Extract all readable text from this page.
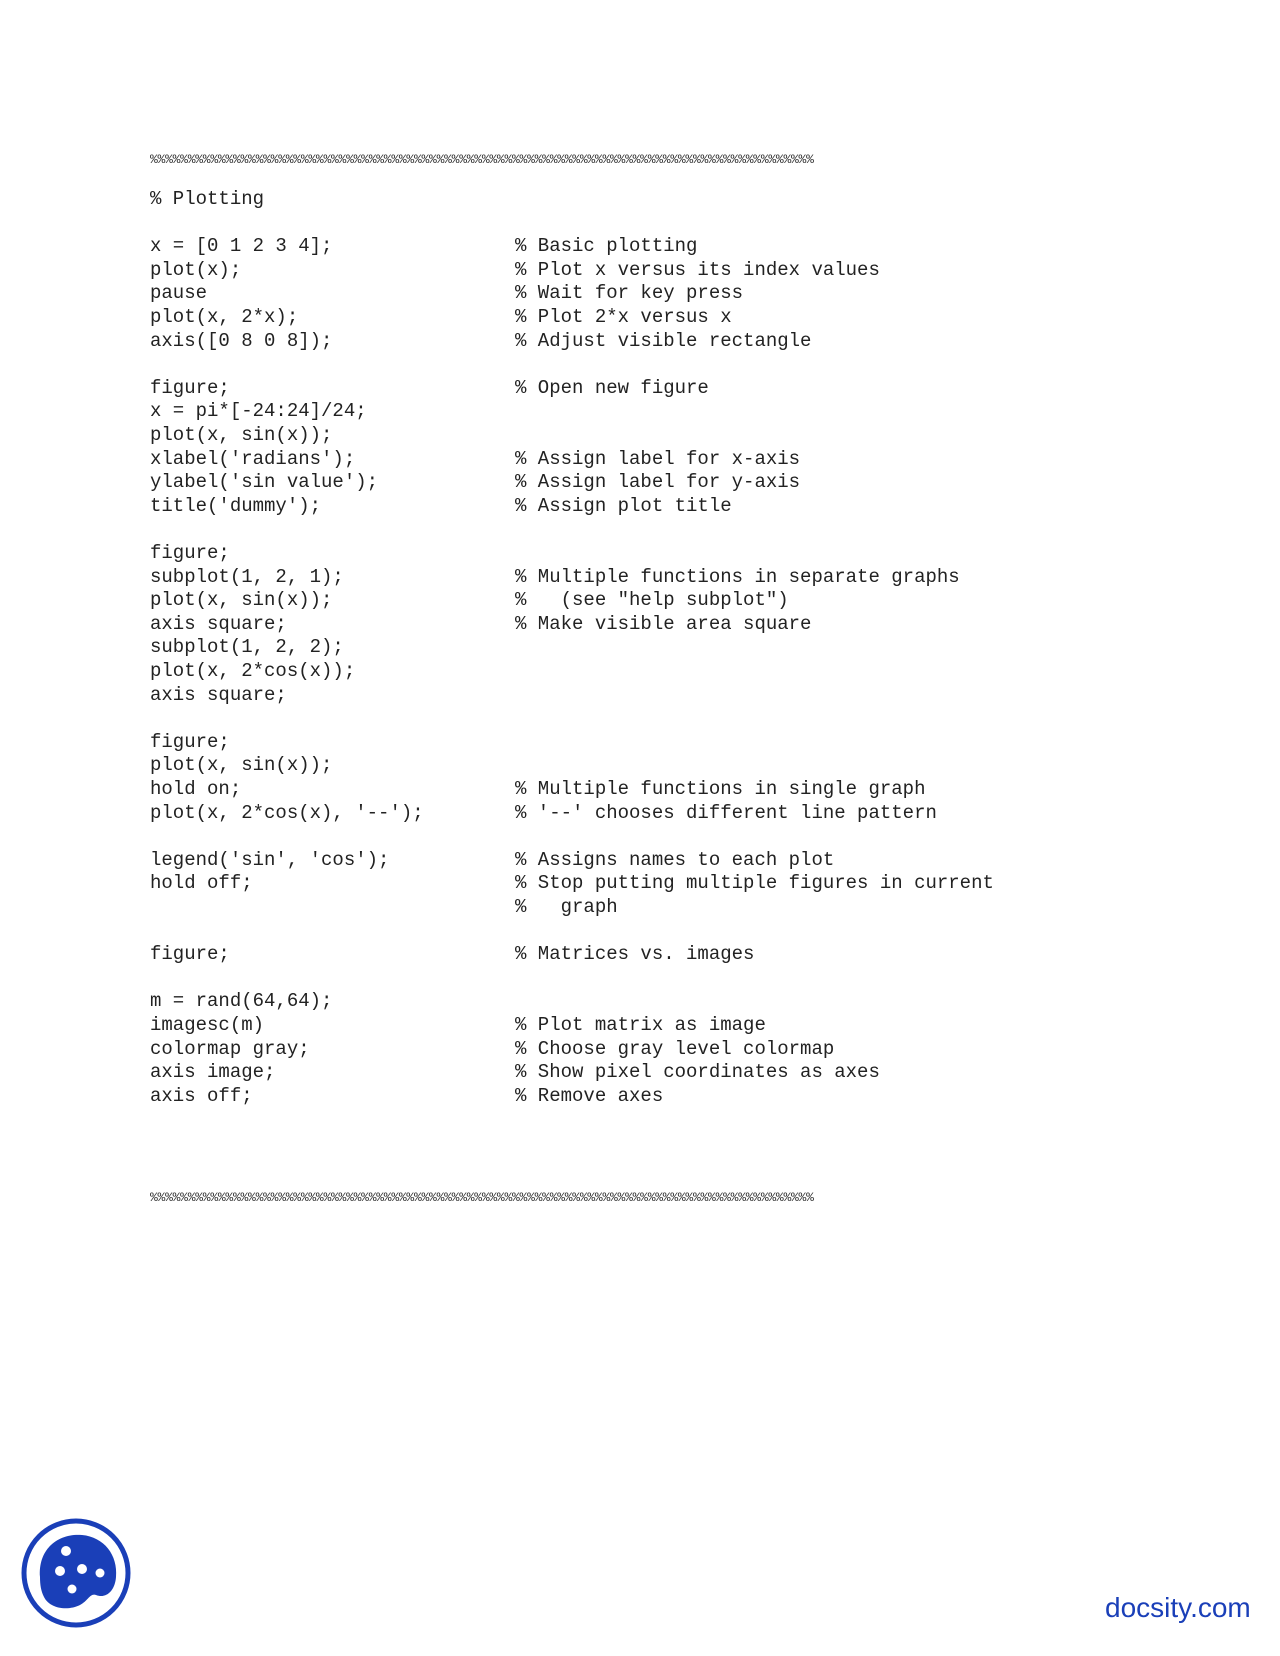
%%%%%%%%%%%%%%%%%%%%%%%%%%%%%%%%%%%%%%%%%%%%%%%%%%%%%%%%%%%%%%%%%%%%%%%%%%%%%%%%%%%%%%%%
% Plotting
x = [0 1 2 3 4];	% Basic plotting
plot(x);	% Plot x versus its index values
pause	% Wait for key press
plot(x, 2*x);	% Plot 2*x versus x
axis([0 8 0 8]);	% Adjust visible rectangle
figure;	% Open new figure
x = pi*[-24:24]/24;
plot(x, sin(x));
xlabel('radians');	% Assign label for x-axis
ylabel('sin value');	% Assign label for y-axis
title('dummy');	% Assign plot title
figure;
subplot(1, 2, 1);	% Multiple functions in separate graphs
plot(x, sin(x));	%   (see "help subplot")
axis square;	% Make visible area square
subplot(1, 2, 2);
plot(x, 2*cos(x));
axis square;
figure;
plot(x, sin(x));
hold on;	% Multiple functions in single graph
plot(x, 2*cos(x), '--');	% '--' chooses different line pattern
legend('sin', 'cos');	% Assigns names to each plot
hold off;	% Stop putting multiple figures in current
%   graph
figure;	% Matrices vs. images
m = rand(64,64);
imagesc(m)	% Plot matrix as image
colormap gray;	% Choose gray level colormap
axis image;	% Show pixel coordinates as axes
axis off;	% Remove axes
%%%%%%%%%%%%%%%%%%%%%%%%%%%%%%%%%%%%%%%%%%%%%%%%%%%%%%%%%%%%%%%%%%%%%%%%%%%%%%%%%%%%%%%%
docsity.com
